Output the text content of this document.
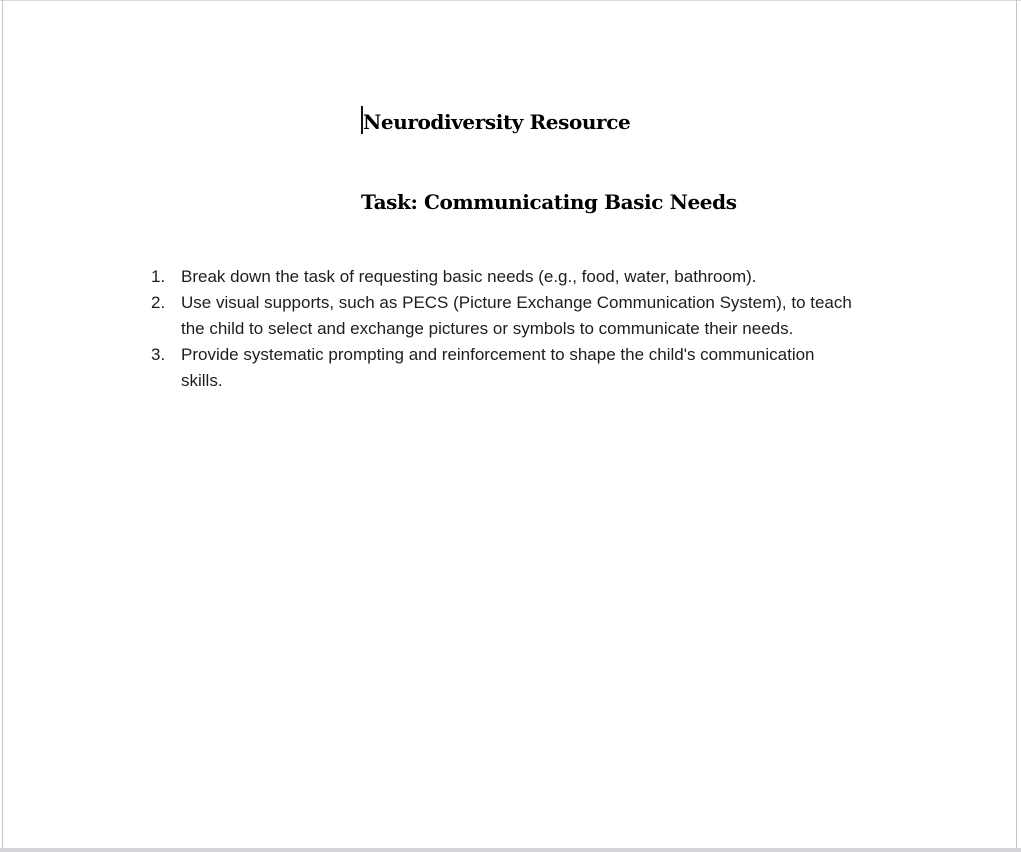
Neurodiversity Resource
Task: Communicating Basic Needs
1. Break down the task of requesting basic needs (e.g., food, water, bathroom).
2. Use visual supports, such as PECS (Picture Exchange Communication System), to teach the child to select and exchange pictures or symbols to communicate their needs.
3. Provide systematic prompting and reinforcement to shape the child's communication skills.
